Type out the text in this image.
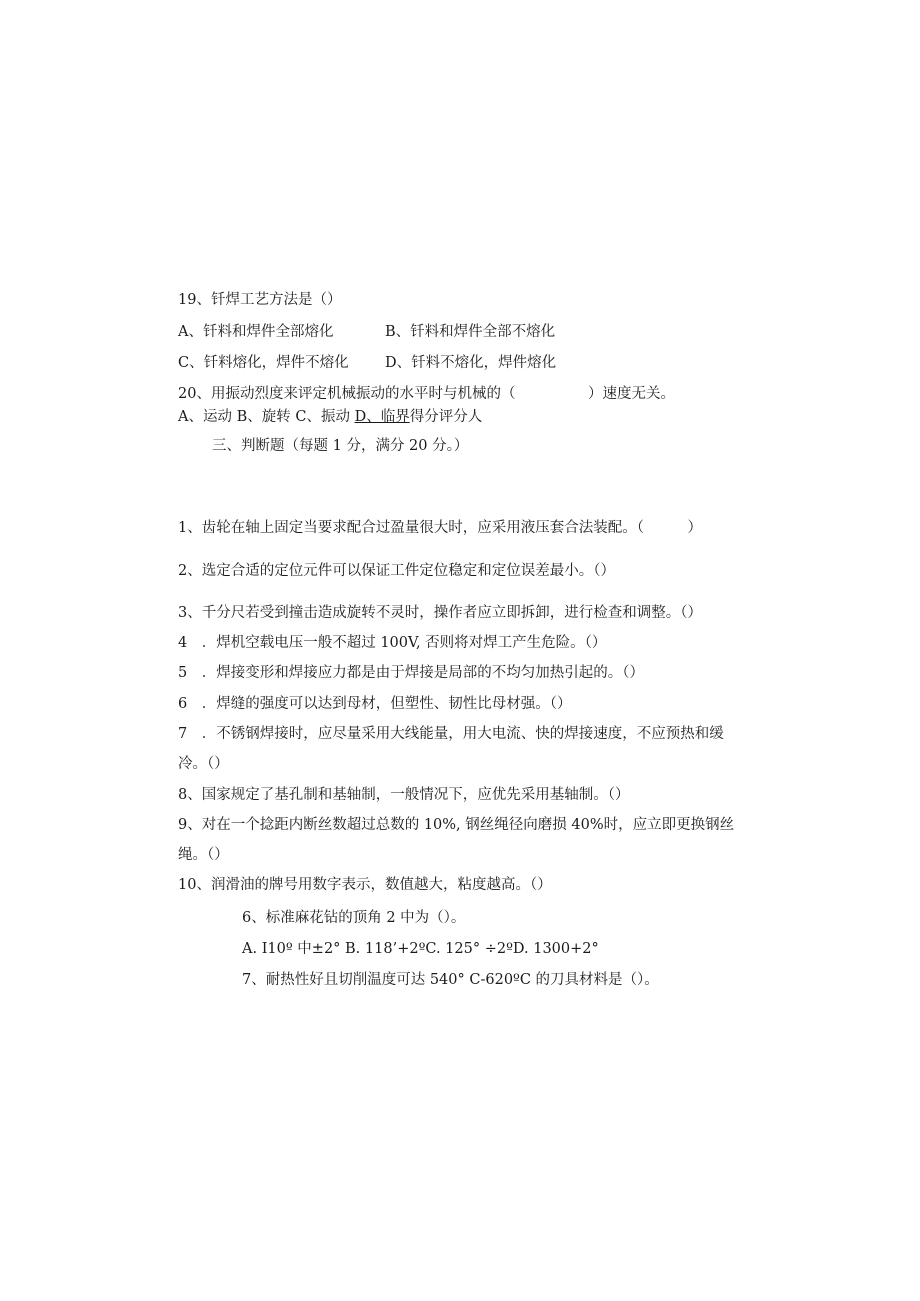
19、钎焊工艺方法是（）
A、钎料和焊件全部熔化	B、钎料和焊件全部不熔化
C、钎料熔化，焊件不熔化	D、钎料不熔化，焊件熔化
20、用振动烈度来评定机械振动的水平时与机械的（　　　　　）速度无关。
A、运动 B、旋转 C、振动 D、临界得分评分人
三、判断题（每题 1 分，满分 20 分。）
1、齿轮在轴上固定当要求配合过盈量很大时，应采用液压套合法装配。（　　　）
2、选定合适的定位元件可以保证工件定位稳定和定位误差最小。（）
3、千分尺若受到撞击造成旋转不灵时，操作者应立即拆卸，进行检查和调整。（）
4　．焊机空载电压一般不超过 100V, 否则将对焊工产生危险。（）
5　．焊接变形和焊接应力都是由于焊接是局部的不均匀加热引起的。（）
6　．焊缝的强度可以达到母材，但塑性、韧性比母材强。（）
7　．不锈钢焊接时，应尽量采用大线能量，用大电流、快的焊接速度，不应预热和缓
冷。（）
8、国家规定了基孔制和基轴制，一般情况下，应优先采用基轴制。（）
9、对在一个捻距内断丝数超过总数的 10%, 钢丝绳径向磨损 40%时，应立即更换钢丝
绳。（）
10、润滑油的牌号用数字表示，数值越大，粘度越高。（）
6、标准麻花钻的顶角 2 中为（）。
A. I10º 中±2° B. 118’+2ºC. 125° ÷2ºD. 1300+2°
7、耐热性好且切削温度可达 540° C-620ºC 的刀具材料是（）。
